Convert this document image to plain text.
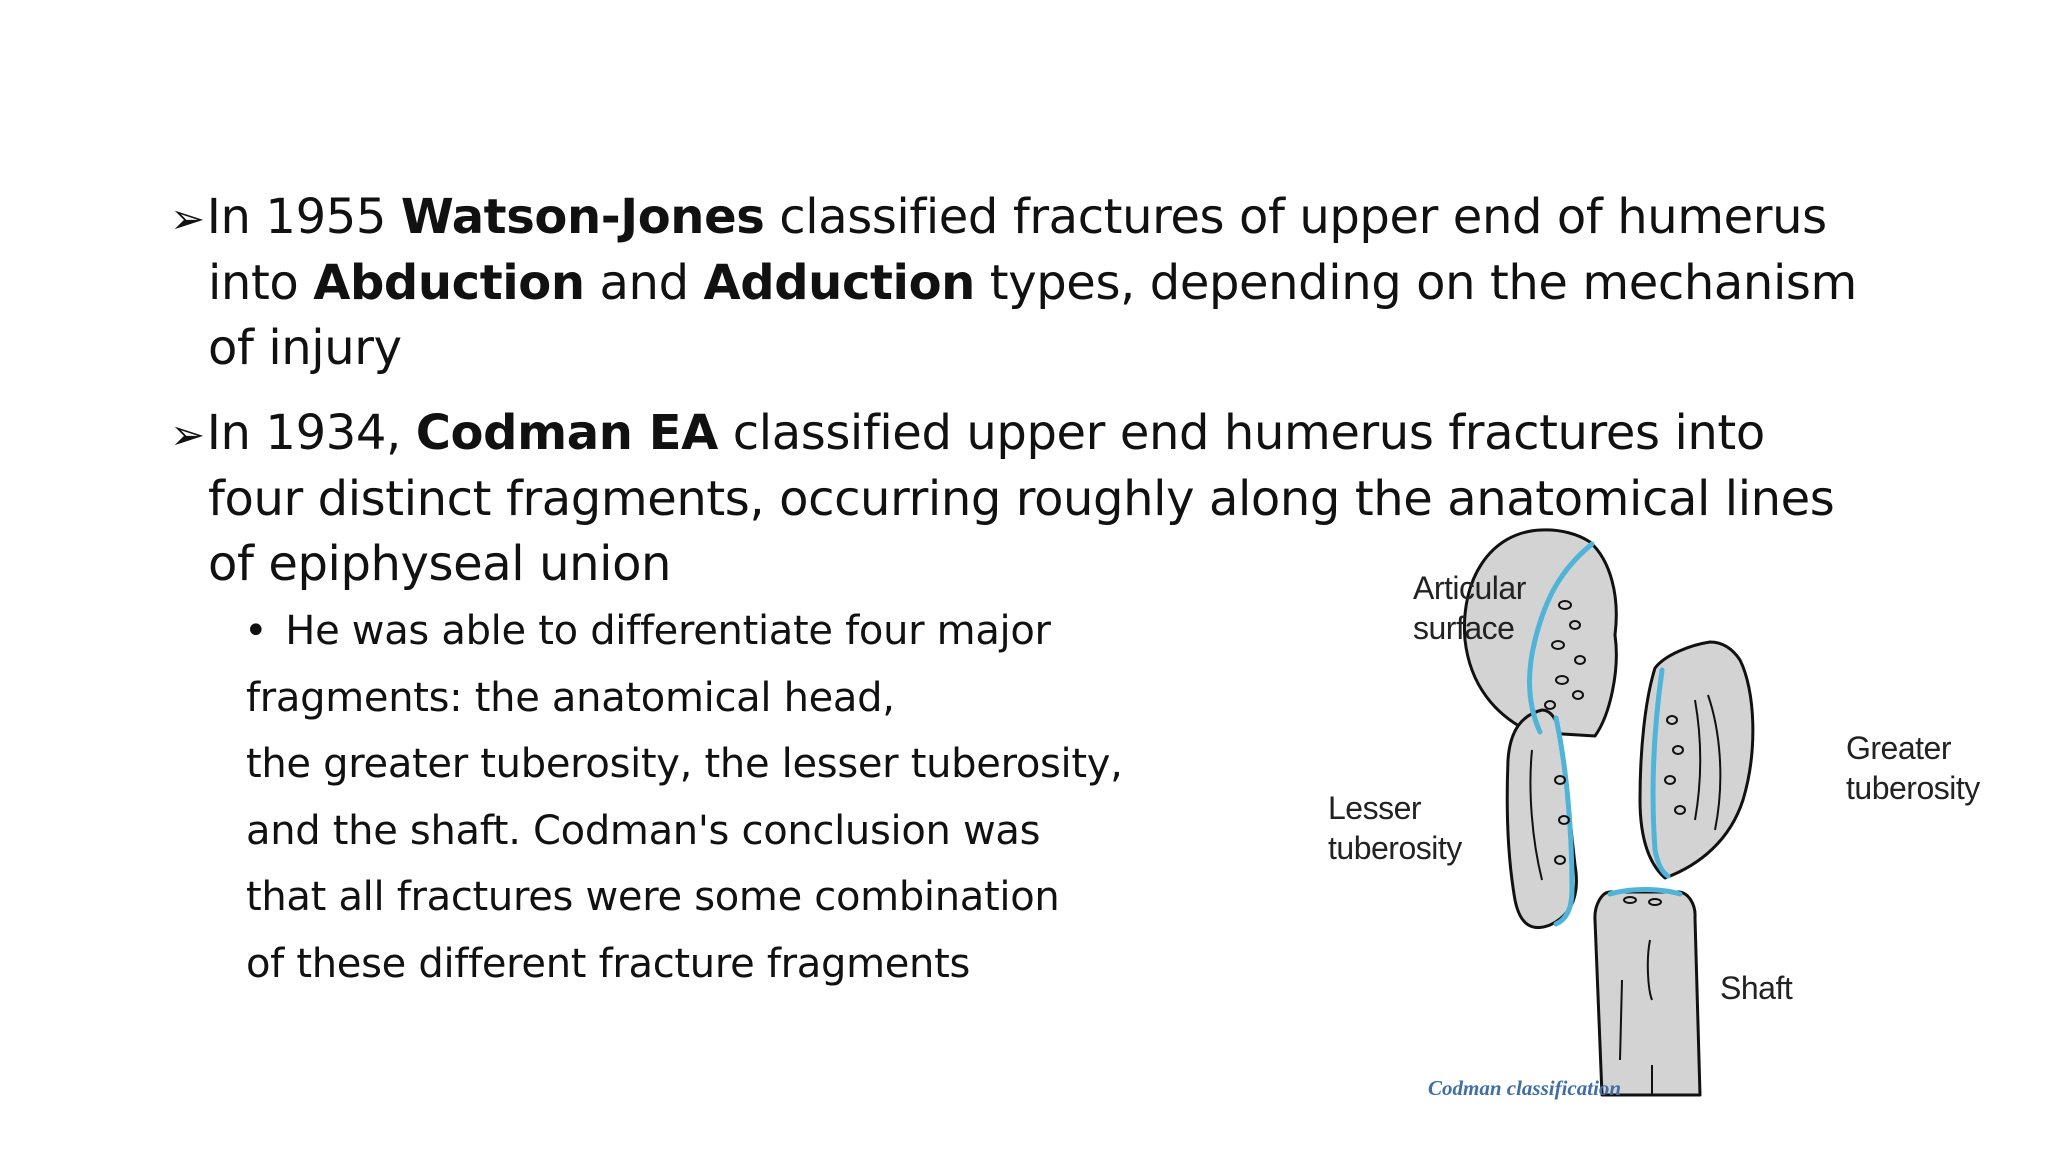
➢In 1955 Watson-Jones classified fractures of upper end of humerus
into Abduction and Adduction types, depending on the mechanism
of injury
➢In 1934, Codman EA classified upper end humerus fractures into
four distinct fragments, occurring roughly along the anatomical lines
of epiphyseal union
• He was able to differentiate four major
fragments: the anatomical head,
the greater tuberosity, the lesser tuberosity,
and the shaft. Codman's conclusion was
that all fractures were some combination
of these different fracture fragments
Articular
surface
Greater
tuberosity
Lesser
tuberosity
Shaft
Codman classification
